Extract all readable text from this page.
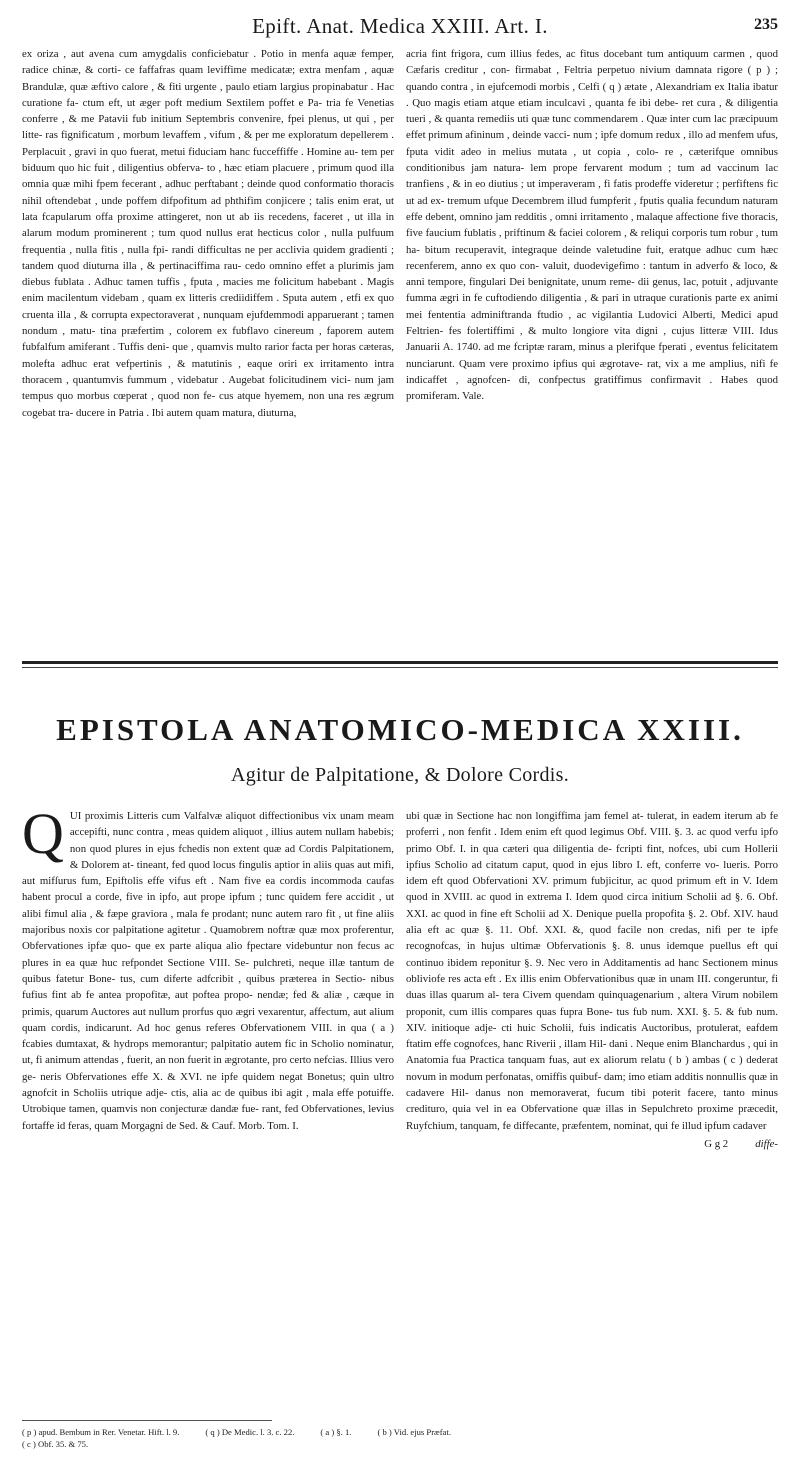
Epift. Anat. Medica XXIII. Art. I.	235

ex oriza , aut avena cum amygdalis conficiebatur . Potio in menfa aquæ femper, radice chinæ, & corti- ce faffafras quam leviffime medicatæ; extra menfam , aquæ Brandulæ, quæ æftivo calore , & fiti urgente , paulo etiam largius propinabatur . Hac curatione fa- ctum eft, ut æger poft medium Sextilem poffet e Pa- tria fe Venetias conferre , & me Patavii fub initium Septembris convenire, fpei plenus, ut qui , per litte- ras fignificatum , morbum levaffem , vifum , & per me exploratum depellerem . Perplacuit , gravi in quo fuerat, metui fiduciam hanc fucceffiffe . Homine au- tem per biduum quo hic fuit , diligentius obferva- to , hæc etiam placuere , primum quod illa omnia quæ mihi fpem fecerant , adhuc perftabant ; deinde quod conformatio thoracis nihil oftendebat , unde poffem difpofitum ad phthifim conjicere ; talis enim erat, ut lata fcapularum offa proxime attingeret, non ut ab iis recedens, faceret , ut illa in alarum modum prominerent ; tum quod nullus erat hecticus color , nulla pulfuum frequentia , nulla fitis , nulla fpi- randi difficultas ne per acclivia quidem gradienti ; tandem quod diuturna illa , & pertinaciffima rau- cedo omnino effet a plurimis jam diebus fublata . Adhuc tamen tuffis , fputa , macies me folicitum habebant . Magis enim macilentum videbam , quam ex litteris crediidiffem . Sputa autem , etfi ex quo cruenta illa , & corrupta expectoraverat , nunquam ejufdemmodi apparuerant ; tamen nondum , matu- tina præfertim , colorem ex fubflavo cinereum , faporem autem fubfalfum amiferant . Tuffis deni- que , quamvis multo rarior facta per horas cæteras, molefta adhuc erat vefpertinis , & matutinis , eaque oriri ex irritamento intra thoracem , quantumvis fummum , videbatur . Augebat folicitudinem vici- num jam tempus quo morbus cœperat , quod non fe- cus atque hyemem, non una res ægrum cogebat tra- ducere in Patria . Ibi autem quam matura, diuturna,

acria fint frigora, cum illius fedes, ac fitus docebant tum antiquum carmen , quod Cæfaris creditur , con- firmabat , Feltria perpetuo nivium damnata rigore ( p ) ; quando contra , in ejufcemodi morbis , Celfi ( q ) ætate , Alexandriam ex Italia ibatur . Quo magis etiam atque etiam inculcavi , quanta fe ibi debe- ret cura , & diligentia tueri , & quanta remediis uti quæ tunc commendarem . Quæ inter cum lac præcipuum effet primum afininum , deinde vacci- num ; ipfe domum redux , illo ad menfem ufus, fputa vidit adeo in melius mutata , ut copia , colo- re , cæterifque omnibus conditionibus jam natura- lem prope fervarent modum ; tum ad vaccinum lac tranfiens , & in eo diutius ; ut imperaveram , fi fatis prodeffe videretur ; perfiftens fic ut ad ex- tremum ufque Decembrem illud fumpferit , fputis qualia fecundum naturam effe debent, omnino jam redditis , omni irritamento , malaque affectione five thoracis, five faucium fublatis , priftinum & faciei colorem , & reliqui corporis tum robur , tum ha- bitum recuperavit, integraque deinde valetudine fuit, eratque adhuc cum hæc recenferem, anno ex quo con- valuit, duodevigefimo : tantum in adverfo & loco, & anni tempore, fingulari Dei benignitate, unum reme- dii genus, lac, potuit , adjuvante fumma ægri in fe cuftodiendo diligentia , & pari in utraque curationis parte ex animi mei fententia adminiftranda ftudio , ac vigilantia Ludovici Alberti, Medici apud Feltrien- fes folertiffimi , & multo longiore vita digni , cujus litteræ VIII. Idus Januarii A. 1740. ad me fcriptæ raram, minus a plerifque fperati , eventus felicitatem nunciarunt. Quam vere proximo ipfius qui ægrotave- rat, vix a me amplius, nifi fe indicaffet , agnofcen- di, confpectus gratiffimus confirmavit . Habes quod promiferam. Vale.

EPISTOLA ANATOMICO-MEDICA XXIII.
Agitur de Palpitatione, & Dolore Cordis.
Q UI proximis Litteris cum Valfalvæ aliquot diffectionibus vix unam meam accepifti, nunc contra , meas quidem aliquot , illius autem nullam habebis; non quod plures in ejus fchedis non extent quæ ad Cordis Palpitationem, & Dolorem at- tineant, fed quod locus fingulis aptior in aliis quas aut mifi, aut mifſurus fum, Epiftolis effe vifus eft . Nam five ea cordis incommoda caufas habent procul a corde, five in ipfo, aut prope ipfum ; tunc quidem fere accidit , ut alibi fimul alia , & fæpe graviora , mala fe prodant; nunc autem raro fit , ut fine aliis majoribus noxis cor palpitatione agitetur . Quamobrem noftræ quæ mox proferentur, Obfervationes ipfæ quo- que ex parte aliqua alio fpectare videbuntur non fecus ac plures in ea quæ huc refpondet Sectione VIII. Se- pulchreti, neque illæ tantum de quibus fatetur Bone- tus, cum diferte adfcribit , quibus præterea in Sectio- nibus fufius fint ab fe antea propofitæ, aut poftea propo- nendæ; fed & aliæ , cæque in primis, quarum Auctores aut nullum prorfus quo ægri vexarentur, affectum, aut alium quam cordis, indicarunt. Ad hoc genus referes Obfervationem VIII. in qua ( a ) fcabies dumtaxat, & hydrops memorantur; palpitatio autem fic in Scholio nominatur, ut, fi animum attendas , fuerit, an non fuerit in ægrotante, pro certo nefcias. Illius vero ge- neris Obfervationes effe X. & XVI. ne ipfe quidem negat Bonetus; quin ultro agnofcit in Scholiis utrique adje- ctis, alia ac de quibus ibi agit , mala effe potuiffe. Utrobique tamen, quamvis non conjecturæ dandæ fue- rant, fed Obfervationes, levius fortaffe id feras, quam Morgagni de Sed. & Cauf. Morb. Tom. I.
ubi quæ in Sectione hac non longiffima jam femel at- tulerat, in eadem iterum ab fe proferri , non fenfit . Idem enim eft quod legimus Obf. VIII. §. 3. ac quod verfu ipfo primo Obf. I. in qua cæteri qua diligentia de- fcripti fint, nofces, ubi cum Hollerii ipfius Scholio ad citatum caput, quod in ejus libro I. eft, conferre vo- lueris. Porro idem eft quod Obfervationi XV. primum fubjicitur, ac quod primum eft in V. Idem quod in XVIII. ac quod in extrema I. Idem quod circa initium Scholii ad §. 6. Obf. XXI. ac quod in fine eft Scholii ad X. Denique puella propofita §. 2. Obf. XIV. haud alia eft ac quæ §. 11. Obf. XXI. &, quod facile non credas, nifi per te ipfe recognofcas, in hujus ultimæ Obfervationis §. 8. unus idemque puellus eft qui continuo ibidem reponitur §. 9. Nec vero in Additamentis ad hanc Sectionem minus obliviofe res acta eft . Ex illis enim Obfervationibus quæ in unam III. congeruntur, fi duas illas quarum al- tera Civem quendam quinquagenarium , altera Virum nobilem proponit, cum illis compares quas fupra Bone- tus fub num. XXI. §. 5. & fub num. XIV. initioque adje- cti huic Scholii, fuis indicatis Auctoribus, protulerat, eafdem ftatim effe cognofces, hanc Riverii , illam Hil- dani . Neque enim Blanchardus , qui in Anatomia fua Practica tanquam fuas, aut ex aliorum relatu ( b ) ambas ( c ) dederat novum in modum perfonatas, omiffis quibuf- dam; imo etiam additis nonnullis quæ in cadavere Hil- danus non memoraverat, fucum tibi poterit facere, tanto minus crediturо, quia vel in ea Obfervatione quæ illas in Sepulchreto proxime præcedit, Ruyfchium, tanquam, fe diffecante, præfentem, nominat, qui fe illud ipfum cadaver
G g 2	diffe-
( p ) apud. Bembum in Rer. Venetar. Hift. l. 9.	( q ) De Medic. l. 3. c. 22.	( a ) §. 1.	( b ) Vid. ejus Præfat.
( c ) Obf. 35. & 75.
